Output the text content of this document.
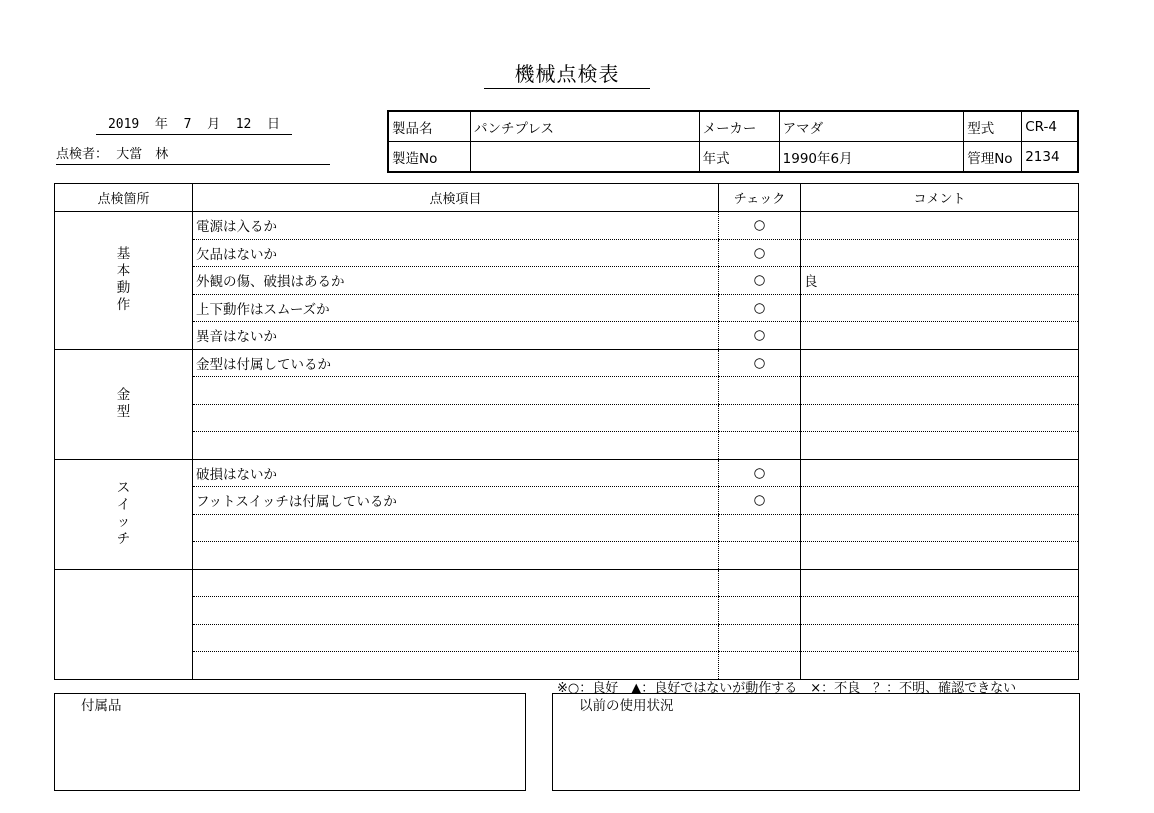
機械点検表
2019 年 7 月 12 日
点検者： 大當　林
製品名	パンチプレス	メーカー	アマダ	型式	CR-4
製造No		年式	1990年6月	管理No	2134
点検箇所	点検項目	チェック	コメント
基本動作	電源は入るか	○	
	欠品はないか	○	
	外観の傷、破損はあるか	○	良
	上下動作はスムーズか	○	
	異音はないか	○	
金型	金型は付属しているか	○	

スイッチ	破損はないか	○	
	フットスイッチは付属しているか	○	

※○：良好　▲：良好ではないが動作する　×：不良　？：不明、確認できない
付属品	以前の使用状況
